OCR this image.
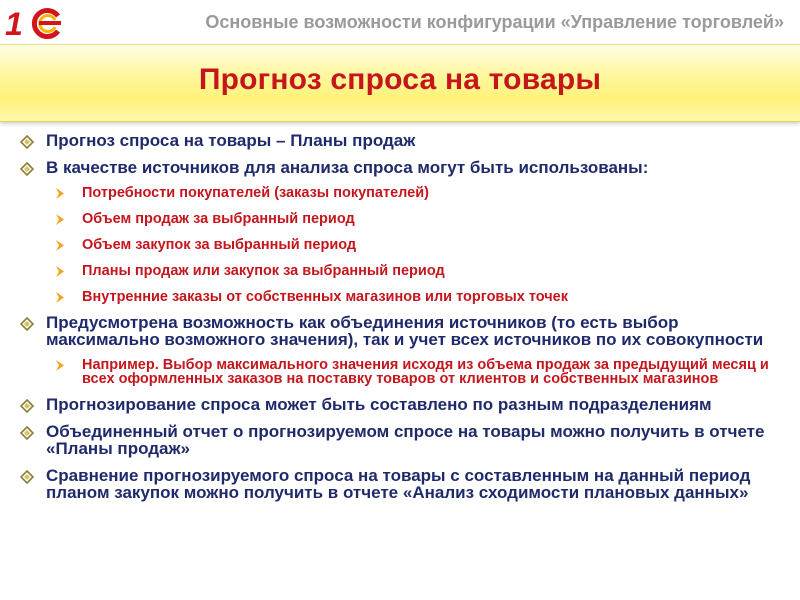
1	Основные возможности конфигурации «Управление торговлей»
Прогноз спроса на товары
Прогноз спроса на товары – Планы продаж
В качестве источников для анализа спроса могут быть использованы:
Потребности покупателей (заказы покупателей)
Объем продаж за выбранный период
Объем закупок за выбранный период
Планы продаж или закупок за выбранный период
Внутренние заказы от собственных магазинов или торговых точек
Предусмотрена возможность как объединения источников (то есть выбор максимально возможного значения), так и учет всех источников по их совокупности
Например. Выбор максимального значения исходя из объема продаж за предыдущий месяц и всех оформленных заказов на поставку товаров от клиентов и собственных магазинов
Прогнозирование спроса может быть составлено по разным подразделениям
Объединенный отчет о прогнозируемом спросе на товары можно получить в отчете «Планы продаж»
Сравнение прогнозируемого спроса на товары с составленным на данный период планом закупок можно получить в отчете «Анализ сходимости плановых данных»
